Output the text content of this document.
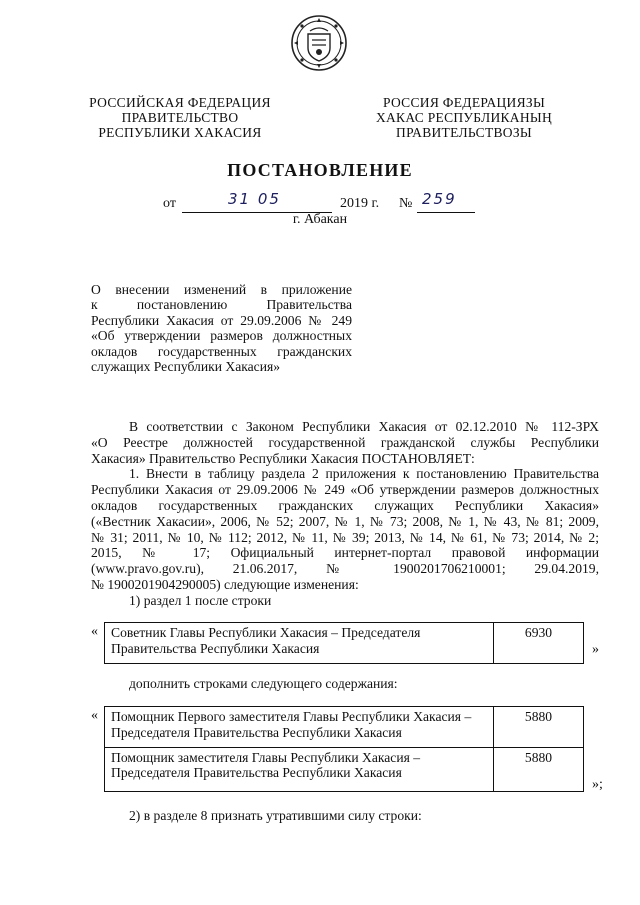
РОССИЙСКАЯ ФЕДЕРАЦИЯ
ПРАВИТЕЛЬСТВО
РЕСПУБЛИКИ ХАКАСИЯ
РОССИЯ ФЕДЕРАЦИЯЗЫ
ХАКАС РЕСПУБЛИКАНЫҢ
ПРАВИТЕЛЬСТВОЗЫ
ПОСТАНОВЛЕНИЕ
от	31 05	2019 г. № 259
г. Абакан
О внесении изменений в приложение
к постановлению Правительства
Республики Хакасия от 29.09.2006 № 249
«Об утверждении размеров должностных
окладов государственных гражданских
служащих Республики Хакасия»
В соответствии с Законом Республики Хакасия от 02.12.2010 № 112-ЗРХ
«О Реестре должностей государственной гражданской службы Республики
Хакасия» Правительство Республики Хакасия ПОСТАНОВЛЯЕТ:
1. Внести в таблицу раздела 2 приложения к постановлению Правительства
Республики Хакасия от 29.09.2006 № 249 «Об утверждении размеров должностных
окладов государственных гражданских служащих Республики Хакасия»
(«Вестник Хакасии», 2006, № 52; 2007, № 1, № 73; 2008, № 1, № 43, № 81; 2009,
№ 31; 2011, № 10, № 112; 2012, № 11, № 39; 2013, № 14, № 61, № 73; 2014, № 2;
2015, № 17; Официальный интернет-портал правовой информации
(www.pravo.gov.ru), 21.06.2017, № 1900201706210001; 29.04.2019,
№ 1900201904290005) следующие изменения:
1) раздел 1 после строки
« Советник Главы Республики Хакасия – Председателя Правительства Республики Хакасия	6930
»
дополнить строками следующего содержания:
« Помощник Первого заместителя Главы Республики Хакасия – Председателя Правительства Республики Хакасия	5880
Помощник заместителя Главы Республики Хакасия – Председателя Правительства Республики Хакасия	5880
»;
2) в разделе 8 признать утратившими силу строки:
